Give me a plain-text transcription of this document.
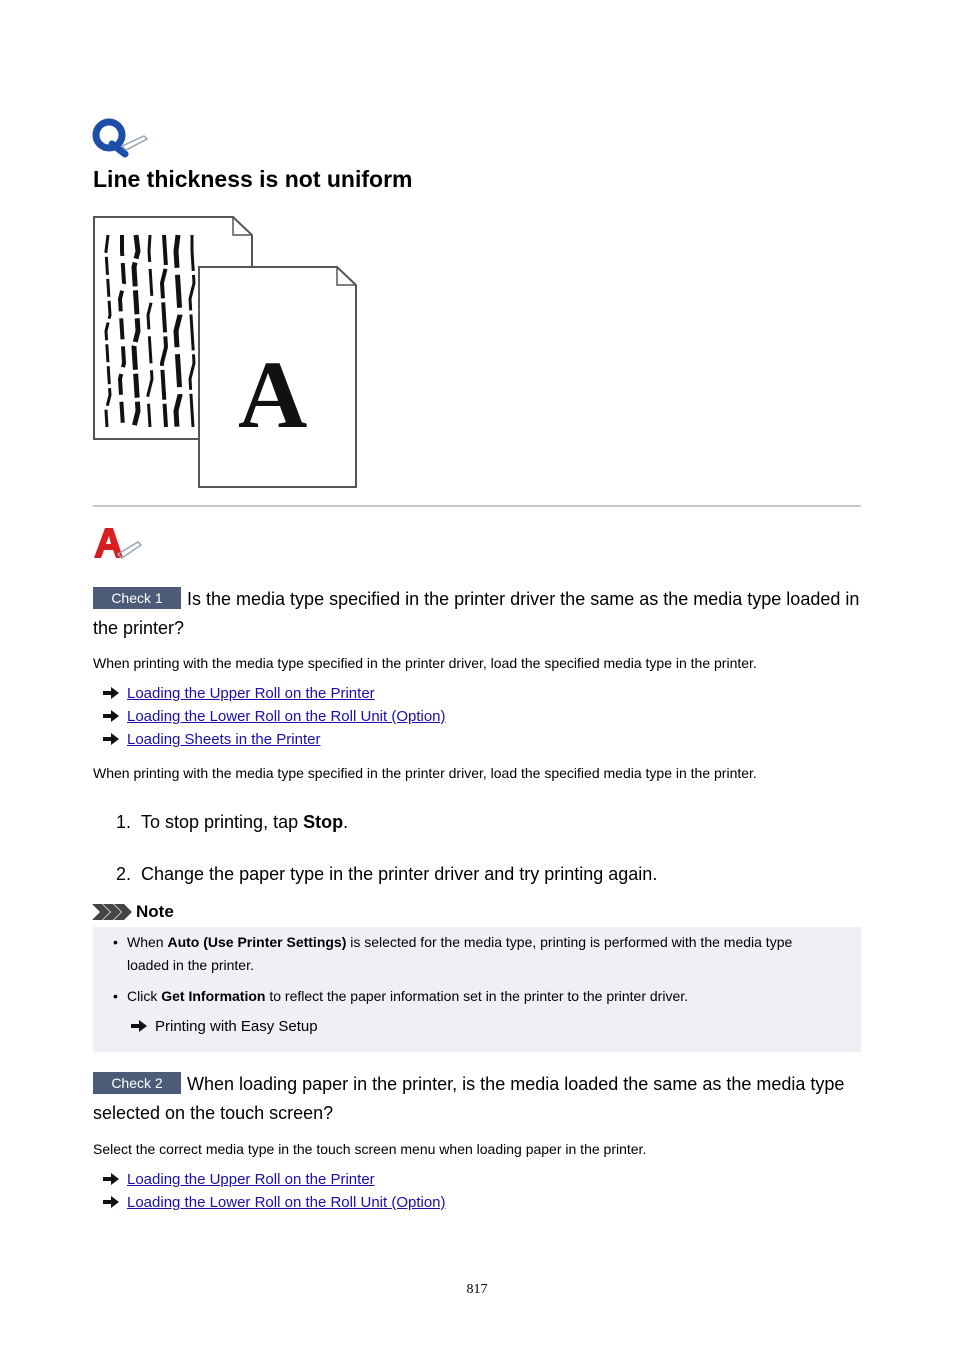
Line thickness is not uniform
A
Check 1 Is the media type specified in the printer driver the same as the media type loaded in the printer?
When printing with the media type specified in the printer driver, load the specified media type in the printer.
Loading the Upper Roll on the Printer
Loading the Lower Roll on the Roll Unit (Option)
Loading Sheets in the Printer
When printing with the media type specified in the printer driver, load the specified media type in the printer.
1. To stop printing, tap Stop.
2. Change the paper type in the printer driver and try printing again.
Note
• When Auto (Use Printer Settings) is selected for the media type, printing is performed with the media type loaded in the printer.
• Click Get Information to reflect the paper information set in the printer to the printer driver.
Printing with Easy Setup
Check 2 When loading paper in the printer, is the media loaded the same as the media type selected on the touch screen?
Select the correct media type in the touch screen menu when loading paper in the printer.
Loading the Upper Roll on the Printer
Loading the Lower Roll on the Roll Unit (Option)
817
